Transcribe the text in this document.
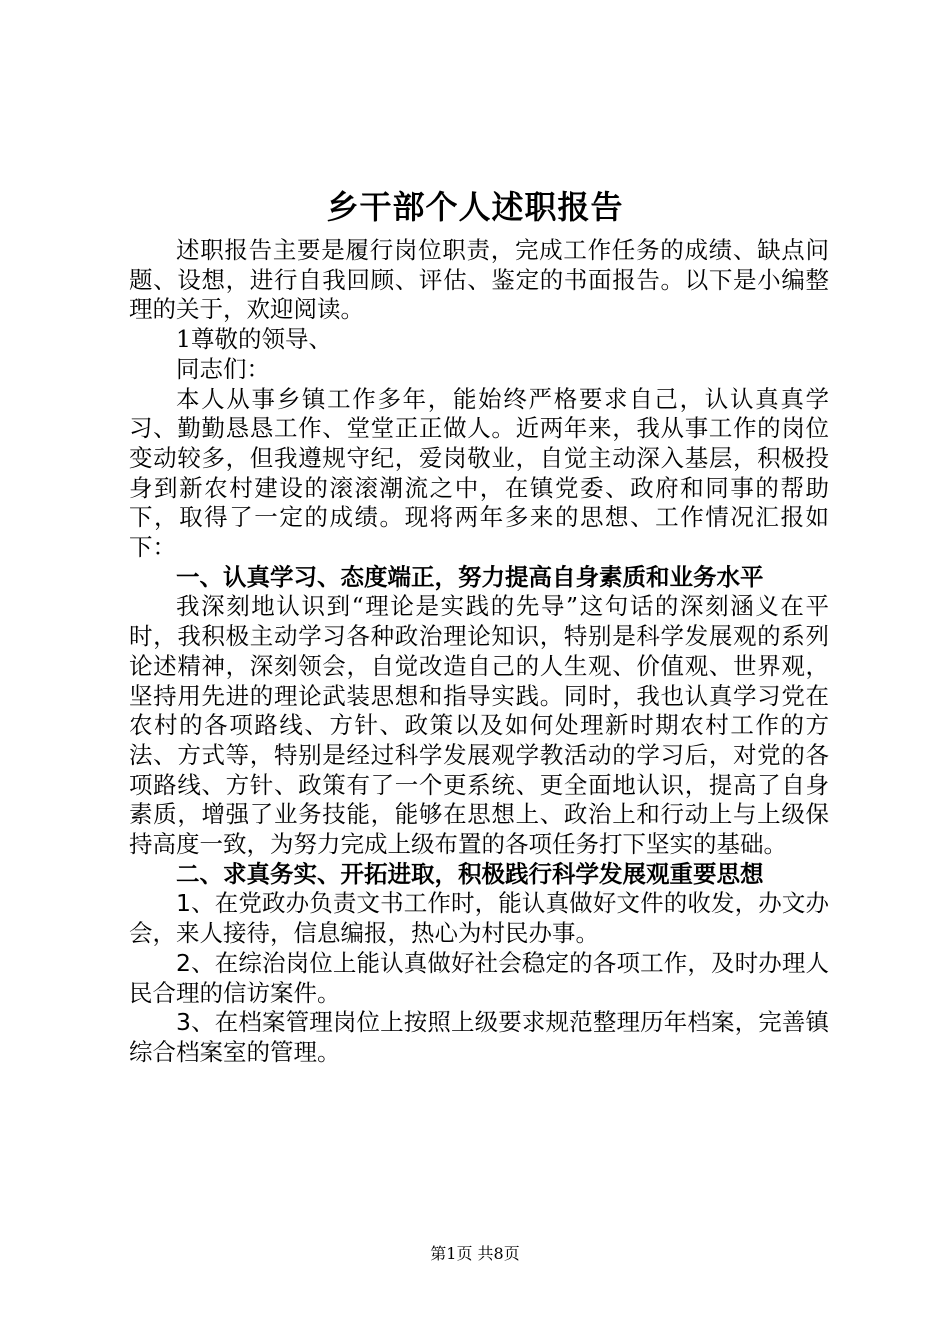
乡干部个人述职报告

述职报告主要是履行岗位职责，完成工作任务的成绩、缺点问题、设想，进行自我回顾、评估、鉴定的书面报告。以下是小编整理的关于，欢迎阅读。

1尊敬的领导、

同志们：

本人从事乡镇工作多年，能始终严格要求自己，认认真真学习、勤勤恳恳工作、堂堂正正做人。近两年来，我从事工作的岗位变动较多，但我遵规守纪，爱岗敬业，自觉主动深入基层，积极投身到新农村建设的滚滚潮流之中，在镇党委、政府和同事的帮助下，取得了一定的成绩。现将两年多来的思想、工作情况汇报如下：

一、认真学习、态度端正，努力提高自身素质和业务水平

我深刻地认识到“理论是实践的先导”这句话的深刻涵义在平时，我积极主动学习各种政治理论知识，特别是科学发展观的系列论述精神，深刻领会，自觉改造自己的人生观、价值观、世界观，坚持用先进的理论武装思想和指导实践。同时，我也认真学习党在农村的各项路线、方针、政策以及如何处理新时期农村工作的方法、方式等，特别是经过科学发展观学教活动的学习后，对党的各项路线、方针、政策有了一个更系统、更全面地认识，提高了自身素质，增强了业务技能，能够在思想上、政治上和行动上与上级保持高度一致，为努力完成上级布置的各项任务打下坚实的基础。

二、求真务实、开拓进取，积极践行科学发展观重要思想

1、在党政办负责文书工作时，能认真做好文件的收发，办文办会，来人接待，信息编报，热心为村民办事。

2、在综治岗位上能认真做好社会稳定的各项工作，及时办理人民合理的信访案件。

3、在档案管理岗位上按照上级要求规范整理历年档案，完善镇综合档案室的管理。

第1页 共8页
